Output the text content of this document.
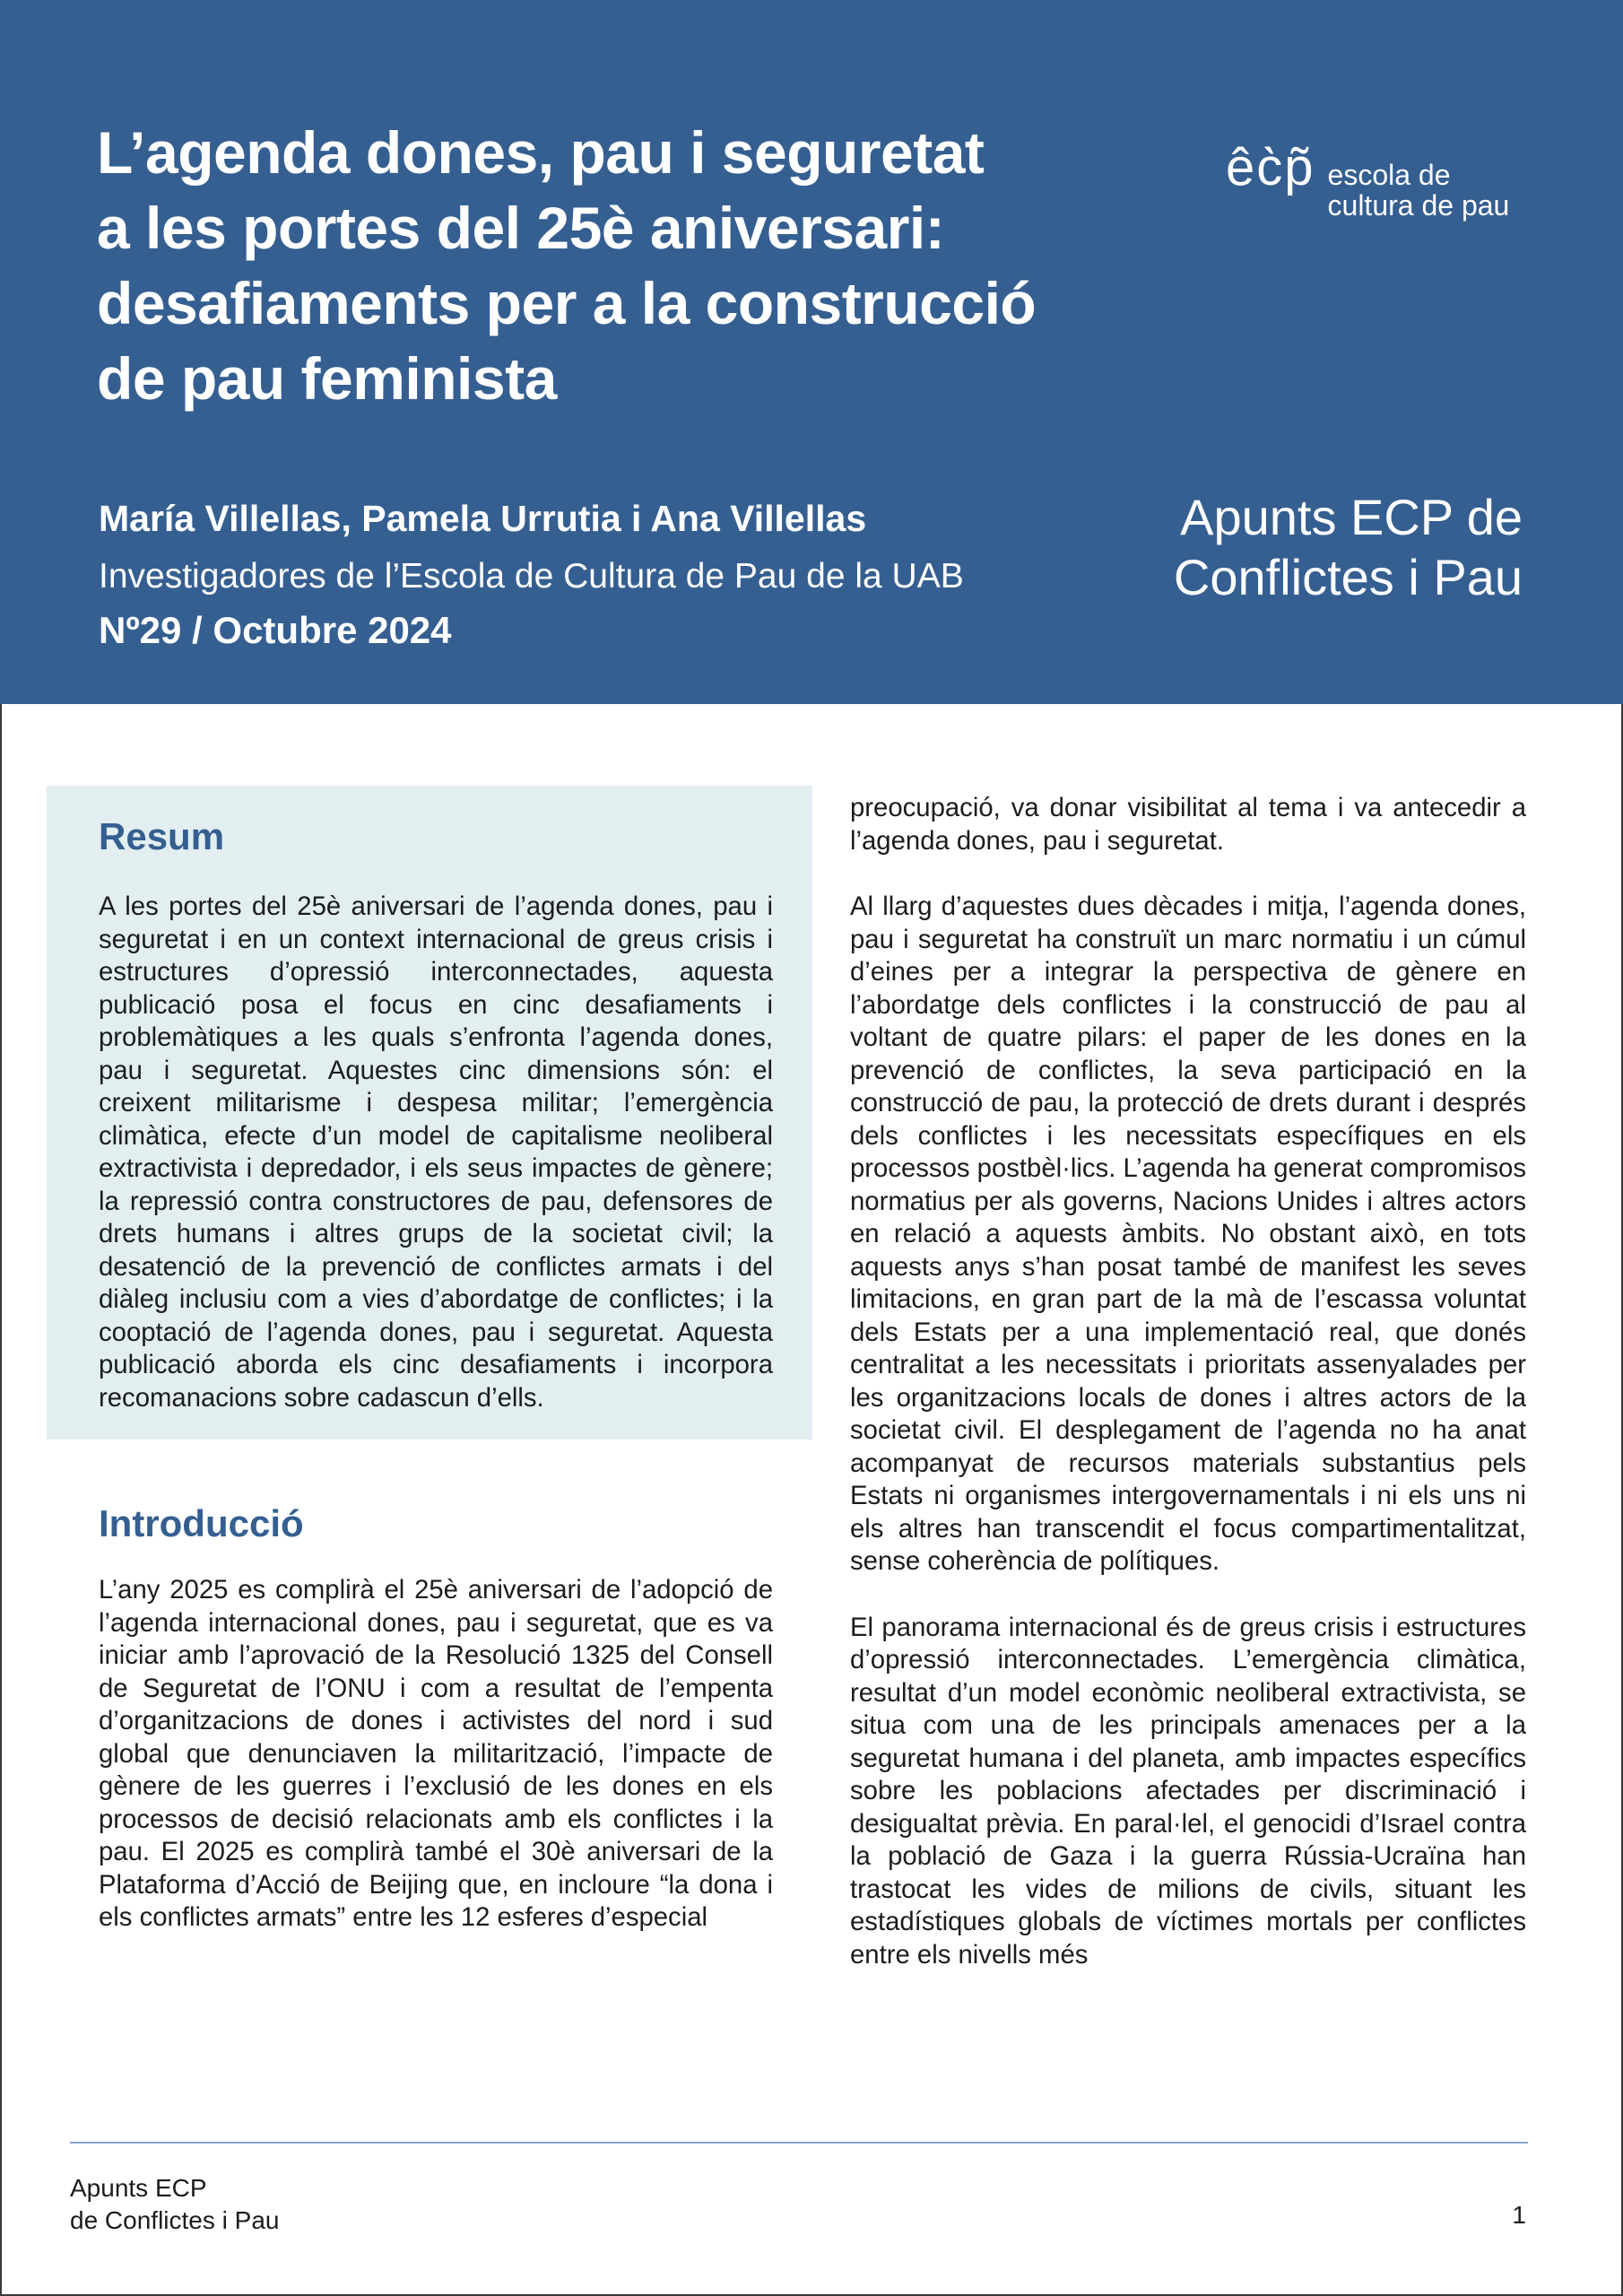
L’agenda dones, pau i seguretat
a les portes del 25è aniversari:
desafiaments per a la construcció
de pau feminista
êc̀p̃ escola de
cultura de pau
María Villellas, Pamela Urrutia i Ana Villellas
Investigadores de l’Escola de Cultura de Pau de la UAB
Nº29 / Octubre 2024
Apunts ECP de
Conflictes i Pau
Resum

A les portes del 25è aniversari de l’agenda dones, pau i seguretat i en un context internacional de greus crisis i estructures d’opressió interconnectades, aquesta publicació posa el focus en cinc desafiaments i problemàtiques a les quals s’enfronta l’agenda dones, pau i seguretat. Aquestes cinc dimensions són: el creixent militarisme i despesa militar; l’emergència climàtica, efecte d’un model de capitalisme neoliberal extractivista i depredador, i els seus impactes de gènere; la repressió contra constructores de pau, defensores de drets humans i altres grups de la societat civil; la desatenció de la prevenció de conflictes armats i del diàleg inclusiu com a vies d’abordatge de conflictes; i la cooptació de l’agenda dones, pau i seguretat. Aquesta publicació aborda els cinc desafiaments i incorpora recomanacions sobre cadascun d’ells.

Introducció

L’any 2025 es complirà el 25è aniversari de l’adopció de l’agenda internacional dones, pau i seguretat, que es va iniciar amb l’aprovació de la Resolució 1325 del Consell de Seguretat de l’ONU i com a resultat de l’empenta d’organitzacions de dones i activistes del nord i sud global que denunciaven la militarització, l’impacte de gènere de les guerres i l’exclusió de les dones en els processos de decisió relacionats amb els conflictes i la pau. El 2025 es complirà també el 30è aniversari de la Plataforma d’Acció de Beijing que, en incloure “la dona i els conflictes armats” entre les 12 esferes d’especial

preocupació, va donar visibilitat al tema i va antecedir a l’agenda dones, pau i seguretat.

Al llarg d’aquestes dues dècades i mitja, l’agenda dones, pau i seguretat ha construït un marc normatiu i un cúmul d’eines per a integrar la perspectiva de gènere en l’abordatge dels conflictes i la construcció de pau al voltant de quatre pilars: el paper de les dones en la prevenció de conflictes, la seva participació en la construcció de pau, la protecció de drets durant i després dels conflictes i les necessitats específiques en els processos postbèl·lics. L’agenda ha generat compromisos normatius per als governs, Nacions Unides i altres actors en relació a aquests àmbits. No obstant això, en tots aquests anys s’han posat també de manifest les seves limitacions, en gran part de la mà de l’escassa voluntat dels Estats per a una implementació real, que donés centralitat a les necessitats i prioritats assenyalades per les organitzacions locals de dones i altres actors de la societat civil. El desplegament de l’agenda no ha anat acompanyat de recursos materials substantius pels Estats ni organismes intergovernamentals i ni els uns ni els altres han transcendit el focus compartimentalitzat, sense coherència de polítiques.

El panorama internacional és de greus crisis i estructures d’opressió interconnectades. L’emergència climàtica, resultat d’un model econòmic neoliberal extractivista, se situa com una de les principals amenaces per a la seguretat humana i del planeta, amb impactes específics sobre les poblacions afectades per discriminació i desigualtat prèvia. En paral·lel, el genocidi d’Israel contra la població de Gaza i la guerra Rússia-Ucraïna han trastocat les vides de milions de civils, situant les estadístiques globals de víctimes mortals per conflictes entre els nivells més

Apunts ECP
de Conflictes i Pau	1
